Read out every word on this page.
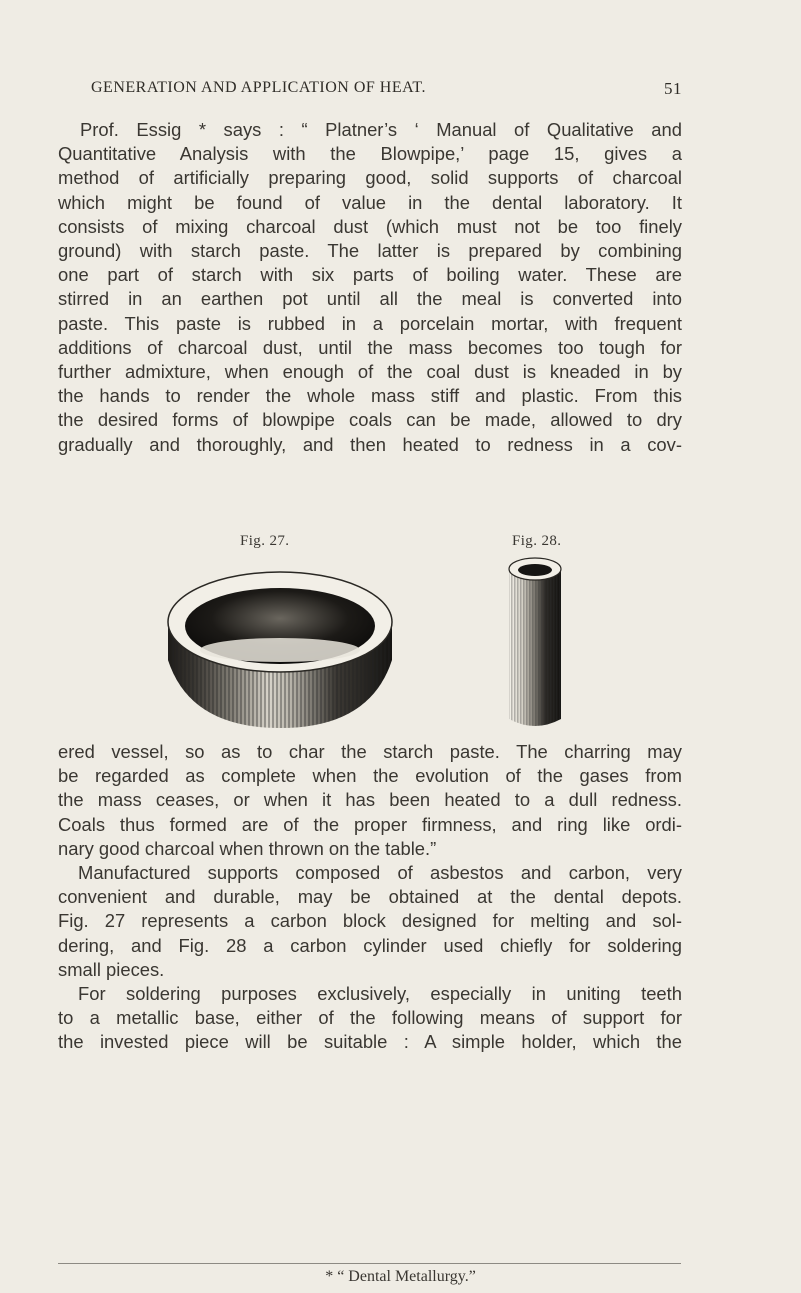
GENERATION AND APPLICATION OF HEAT.	51
Prof. Essig * says : “ Platner’s ‘ Manual of Qualitative and
Quantitative Analysis with the Blowpipe,’ page 15, gives a
method of artificially preparing good, solid supports of charcoal
which might be found of value in the dental laboratory. It
consists of mixing charcoal dust (which must not be too finely
ground) with starch paste. The latter is prepared by combining
one part of starch with six parts of boiling water. These are
stirred in an earthen pot until all the meal is converted into
paste. This paste is rubbed in a porcelain mortar, with frequent
additions of charcoal dust, until the mass becomes too tough for
further admixture, when enough of the coal dust is kneaded in by
the hands to render the whole mass stiff and plastic. From this
the desired forms of blowpipe coals can be made, allowed to dry
gradually and thoroughly, and then heated to redness in a cov-
Fig. 27.	Fig. 28.
ered vessel, so as to char the starch paste. The charring may
be regarded as complete when the evolution of the gases from
the mass ceases, or when it has been heated to a dull redness.
Coals thus formed are of the proper firmness, and ring like ordi-
nary good charcoal when thrown on the table.”
Manufactured supports composed of asbestos and carbon, very
convenient and durable, may be obtained at the dental depots.
Fig. 27 represents a carbon block designed for melting and sol-
dering, and Fig. 28 a carbon cylinder used chiefly for soldering
small pieces.
For soldering purposes exclusively, especially in uniting teeth
to a metallic base, either of the following means of support for
the invested piece will be suitable : A simple holder, which the
* “ Dental Metallurgy.”
